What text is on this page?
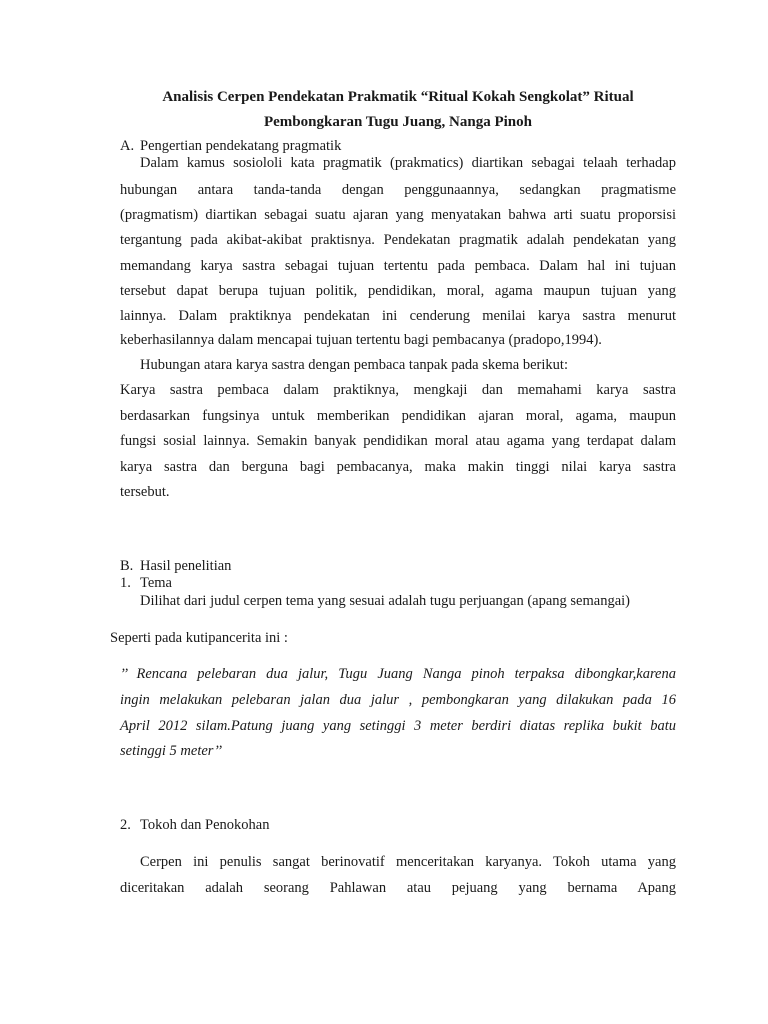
Analisis Cerpen Pendekatan Prakmatik “Ritual Kokah Sengkolat” Ritual
Pembongkaran Tugu Juang, Nanga Pinoh
A. Pengertian pendekatang pragmatik
Dalam kamus sosiololi kata pragmatik (prakmatics) diartikan sebagai telaah terhadap
hubungan antara tanda-tanda dengan penggunaannya, sedangkan pragmatisme
(pragmatism) diartikan sebagai suatu ajaran yang menyatakan bahwa arti suatu proporsisi
tergantung pada akibat-akibat praktisnya. Pendekatan pragmatik adalah pendekatan yang
memandang karya sastra sebagai tujuan tertentu pada pembaca. Dalam hal ini tujuan
tersebut dapat berupa tujuan politik, pendidikan, moral, agama maupun tujuan yang
lainnya. Dalam praktiknya pendekatan ini cenderung menilai karya sastra menurut
keberhasilannya dalam mencapai tujuan tertentu bagi pembacanya (pradopo,1994).
Hubungan atara karya sastra dengan pembaca tanpak pada skema berikut:
Karya sastra pembaca dalam praktiknya, mengkaji dan memahami karya sastra
berdasarkan fungsinya untuk memberikan pendidikan ajaran moral, agama, maupun
fungsi sosial lainnya. Semakin banyak pendidikan moral atau agama yang terdapat dalam
karya sastra dan berguna bagi pembacanya, maka makin tinggi nilai karya sastra
tersebut.
B. Hasil penelitian
1. Tema
Dilihat dari judul cerpen tema yang sesuai adalah tugu perjuangan (apang semangai)
Seperti pada kutipancerita ini :
’’ Rencana pelebaran dua jalur, Tugu Juang Nanga pinoh terpaksa dibongkar,karena
ingin melakukan pelebaran jalan dua jalur , pembongkaran yang dilakukan pada 16
April 2012 silam.Patung juang yang setinggi 3 meter berdiri diatas replika bukit batu
setinggi 5 meter’’
2. Tokoh dan Penokohan
Cerpen ini penulis sangat berinovatif menceritakan karyanya. Tokoh utama yang
diceritakan adalah seorang Pahlawan atau pejuang yang bernama Apang
